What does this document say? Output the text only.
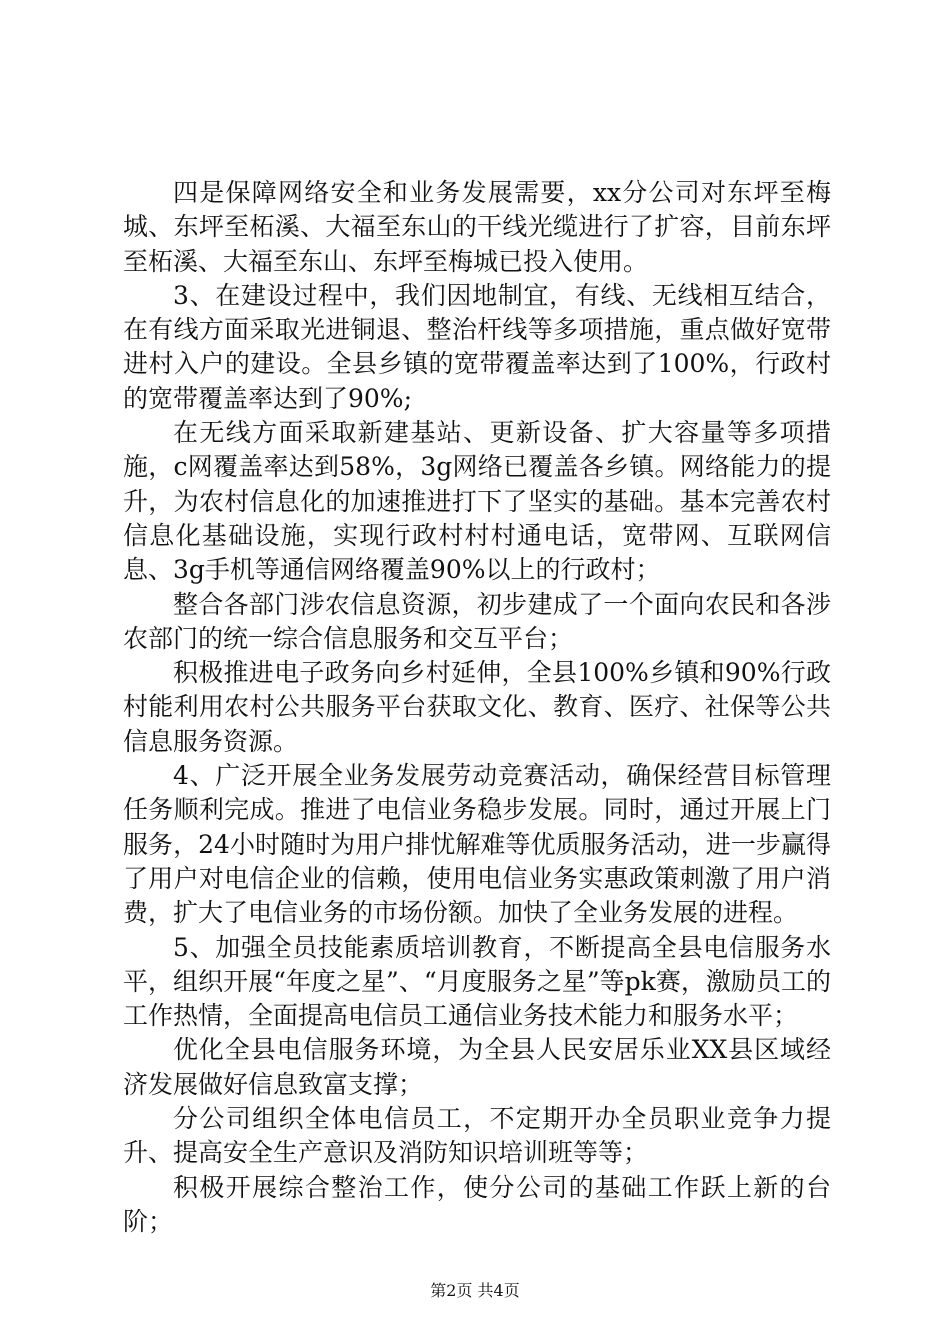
四是保障网络安全和业务发展需要，xx分公司对东坪至梅城、东坪至柘溪、大福至东山的干线光缆进行了扩容，目前东坪至柘溪、大福至东山、东坪至梅城已投入使用。

3、在建设过程中，我们因地制宜，有线、无线相互结合，在有线方面采取光进铜退、整治杆线等多项措施，重点做好宽带进村入户的建设。全县乡镇的宽带覆盖率达到了100%，行政村的宽带覆盖率达到了90%;

在无线方面采取新建基站、更新设备、扩大容量等多项措施，c网覆盖率达到58%，3g网络已覆盖各乡镇。网络能力的提升，为农村信息化的加速推进打下了坚实的基础。基本完善农村信息化基础设施，实现行政村村村通电话，宽带网、互联网信息、3g手机等通信网络覆盖90%以上的行政村；

整合各部门涉农信息资源，初步建成了一个面向农民和各涉农部门的统一综合信息服务和交互平台；

积极推进电子政务向乡村延伸，全县100%乡镇和90%行政村能利用农村公共服务平台获取文化、教育、医疗、社保等公共信息服务资源。

4、广泛开展全业务发展劳动竞赛活动，确保经营目标管理任务顺利完成。推进了电信业务稳步发展。同时，通过开展上门服务，24小时随时为用户排忧解难等优质服务活动，进一步赢得了用户对电信企业的信赖，使用电信业务实惠政策刺激了用户消费，扩大了电信业务的市场份额。加快了全业务发展的进程。

5、加强全员技能素质培训教育，不断提高全县电信服务水平，组织开展“年度之星”、“月度服务之星”等pk赛，激励员工的工作热情，全面提高电信员工通信业务技术能力和服务水平；

优化全县电信服务环境，为全县人民安居乐业XX县区域经济发展做好信息致富支撑；

分公司组织全体电信员工，不定期开办全员职业竞争力提升、提高安全生产意识及消防知识培训班等等；

积极开展综合整治工作，使分公司的基础工作跃上新的台阶；

第2页 共4页
